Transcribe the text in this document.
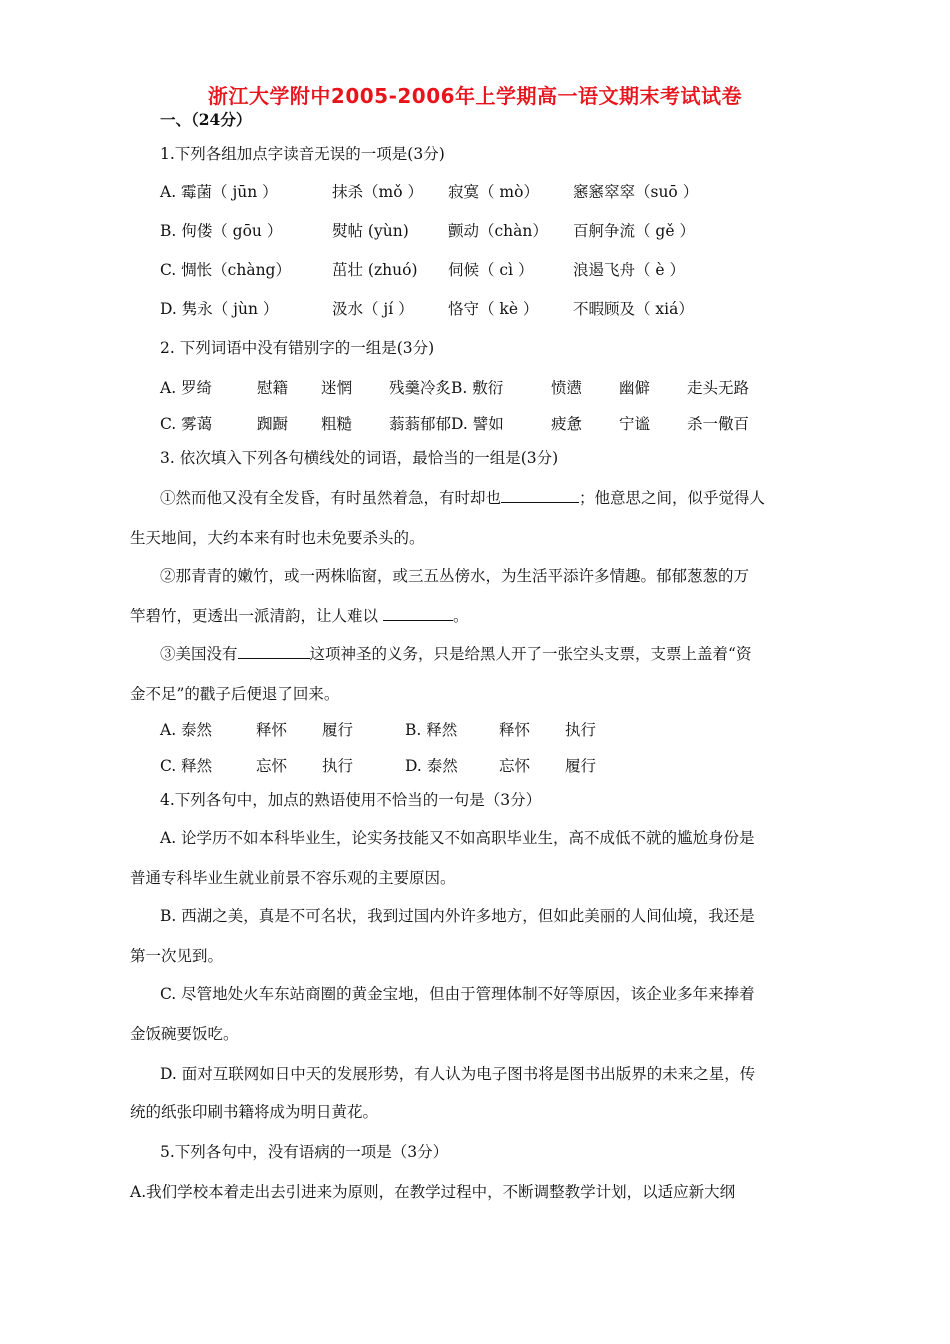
浙江大学附中2005-2006年上学期高一语文期末考试试卷
一、（24分）
1.下列各组加点字读音无误的一项是(3分)
A. 霉菌（ jūn ）	抹杀（mǒ ） 寂寞（ mò） 窸窸窣窣（suō ）
B. 佝偻（ gōu ）	熨帖 (yùn)	颤动（chàn） 百舸争流（ gě ）
C. 惆怅（chàng）	茁壮 (zhuó) 伺候（ cì ）	浪遏飞舟（ è ）
D. 隽永（ jùn ）	汲水（ jí ） 恪守（ kè ） 不暇顾及（ xiá）
2. 下列词语中没有错别字的一组是(3分)
A. 罗绮	慰籍 迷惘 残羹冷炙B. 敷衍	愤懑 幽僻 走头无路
C. 雾蔼	踟蹰 粗糙 蓊蓊郁郁D. 譬如	疲惫 宁谧 杀一儆百
3. 依次填入下列各句横线处的词语，最恰当的一组是(3分)
①然而他又没有全发昏，有时虽然着急，有时却也	；他意思之间，似乎觉得人
生天地间，大约本来有时也未免要杀头的。
②那青青的嫩竹，或一两株临窗，或三五丛傍水，为生活平添许多情趣。郁郁葱葱的万
竿碧竹，更透出一派清韵，让人难以	。
③美国没有	这项神圣的义务，只是给黑人开了一张空头支票，支票上盖着“资
金不足”的戳子后便退了回来。
A. 泰然	释怀 履行	B. 释然	释怀 执行
C. 释然	忘怀 执行	D. 泰然	忘怀 履行
4.下列各句中，加点的熟语使用不恰当的一句是（3分）
A. 论学历不如本科毕业生，论实务技能又不如高职毕业生，高不成低不就的尴尬身份是
普通专科毕业生就业前景不容乐观的主要原因。
B. 西湖之美，真是不可名状，我到过国内外许多地方，但如此美丽的人间仙境，我还是
第一次见到。
C. 尽管地处火车东站商圈的黄金宝地，但由于管理体制不好等原因，该企业多年来捧着
金饭碗要饭吃。
D. 面对互联网如日中天的发展形势，有人认为电子图书将是图书出版界的未来之星，传
统的纸张印刷书籍将成为明日黄花。
5.下列各句中，没有语病的一项是（3分）
A.我们学校本着走出去引进来为原则，在教学过程中，不断调整教学计划，以适应新大纲
